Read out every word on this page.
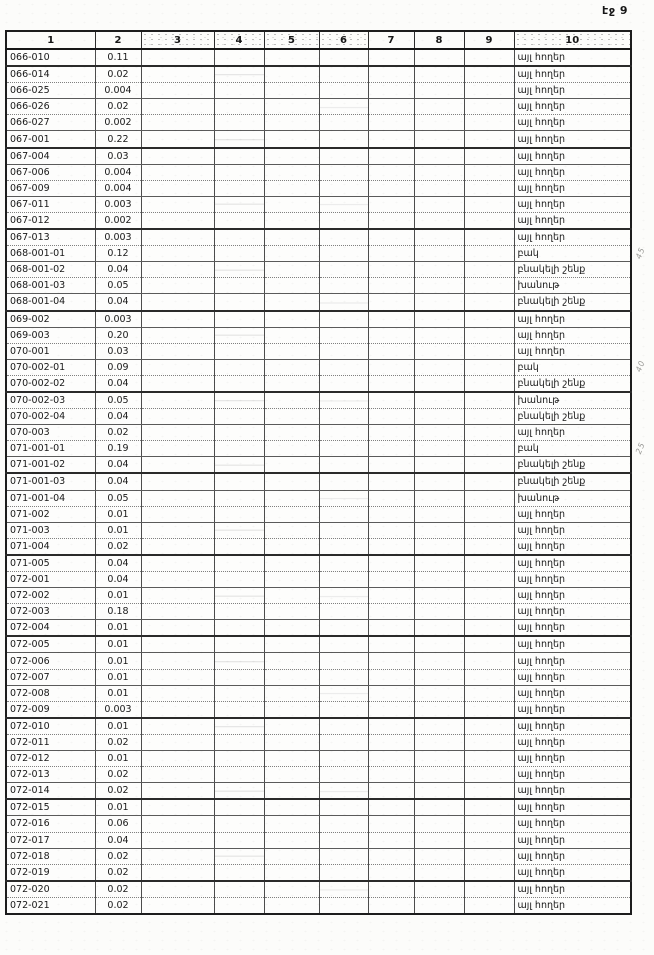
էջ 9
1	2	3	4	5	6	7	8	9	10
066-010	0.11								այլ հողեր
066-014	0.02								այլ հողեր
066-025	0.004								այլ հողեր
066-026	0.02								այլ հողեր
066-027	0.002								այլ հողեր
067-001	0.22								այլ հողեր
067-004	0.03								այլ հողեր
067-006	0.004								այլ հողեր
067-009	0.004								այլ հողեր
067-011	0.003								այլ հողեր
067-012	0.002								այլ հողեր
067-013	0.003								այլ հողեր
068-001-01	0.12								բակ
068-001-02	0.04								բնակելի շենք
068-001-03	0.05								խանութ
068-001-04	0.04								բնակելի շենք
069-002	0.003								այլ հողեր
069-003	0.20								այլ հողեր
070-001	0.03								այլ հողեր
070-002-01	0.09								բակ
070-002-02	0.04								բնակելի շենք
070-002-03	0.05								խանութ
070-002-04	0.04								բնակելի շենք
070-003	0.02								այլ հողեր
071-001-01	0.19								բակ
071-001-02	0.04								բնակելի շենք
071-001-03	0.04								բնակելի շենք
071-001-04	0.05								խանութ
071-002	0.01								այլ հողեր
071-003	0.01								այլ հողեր
071-004	0.02								այլ հողեր
071-005	0.04								այլ հողեր
072-001	0.04								այլ հողեր
072-002	0.01								այլ հողեր
072-003	0.18								այլ հողեր
072-004	0.01								այլ հողեր
072-005	0.01								այլ հողեր
072-006	0.01								այլ հողեր
072-007	0.01								այլ հողեր
072-008	0.01								այլ հողեր
072-009	0.003								այլ հողեր
072-010	0.01								այլ հողեր
072-011	0.02								այլ հողեր
072-012	0.01								այլ հողեր
072-013	0.02								այլ հողեր
072-014	0.02								այլ հողեր
072-015	0.01								այլ հողեր
072-016	0.06								այլ հողեր
072-017	0.04								այլ հողեր
072-018	0.02								այլ հողեր
072-019	0.02								այլ հողեր
072-020	0.02								այլ հողեր
072-021	0.02								այլ հողեր
45
40
25
